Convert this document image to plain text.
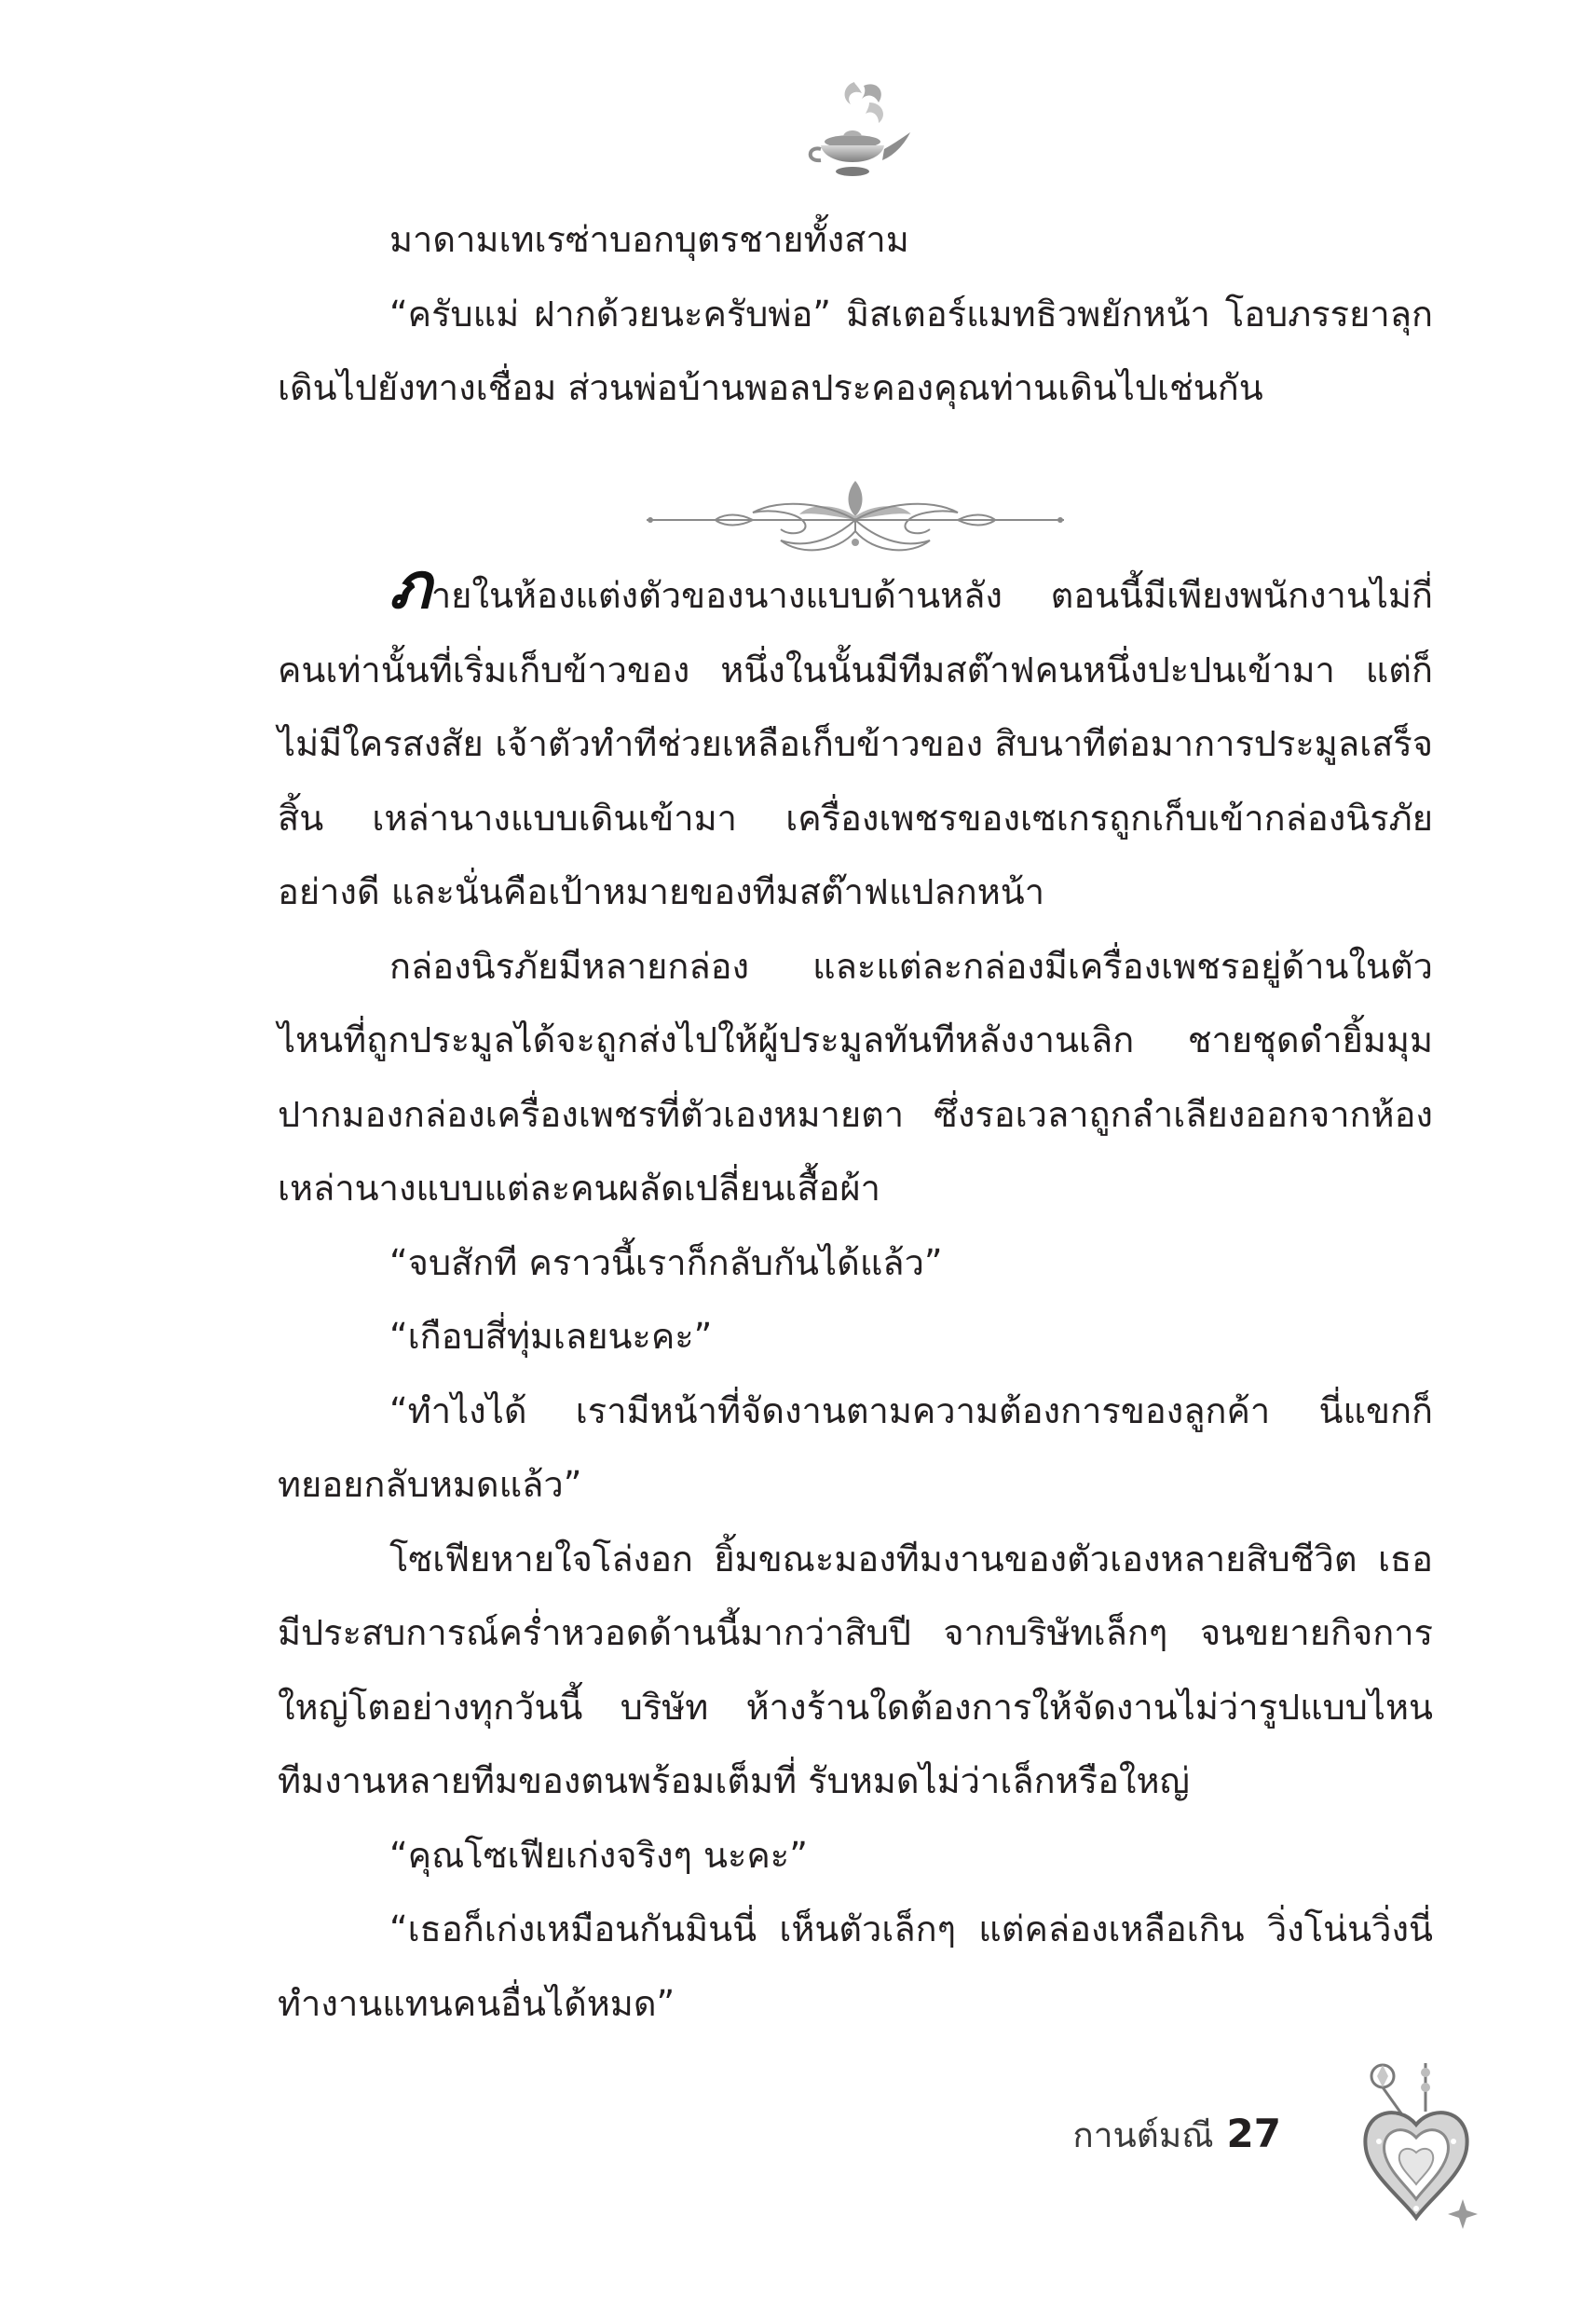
มาดามเทเรซ่าบอกบุตรชายทั้งสาม

“ครับแม่ ฝากด้วยนะครับพ่อ” มิสเตอร์แมทธิวพยักหน้า โอบภรรยาลุกเดินไปยังทางเชื่อม ส่วนพ่อบ้านพอลประคองคุณท่านเดินไปเช่นกัน

ภายในห้องแต่งตัวของนางแบบด้านหลัง ตอนนี้มีเพียงพนักงานไม่กี่คนเท่านั้นที่เริ่มเก็บข้าวของ หนึ่งในนั้นมีทีมสต๊าฟคนหนึ่งปะปนเข้ามา แต่ก็ไม่มีใครสงสัย เจ้าตัวทำทีช่วยเหลือเก็บข้าวของ สิบนาทีต่อมาการประมูลเสร็จสิ้น เหล่านางแบบเดินเข้ามา เครื่องเพชรของเซเกรถูกเก็บเข้ากล่องนิรภัยอย่างดี และนั่นคือเป้าหมายของทีมสต๊าฟแปลกหน้า

กล่องนิรภัยมีหลายกล่อง และแต่ละกล่องมีเครื่องเพชรอยู่ด้านในตัวไหนที่ถูกประมูลได้จะถูกส่งไปให้ผู้ประมูลทันทีหลังงานเลิก ชายชุดดำยิ้มมุมปากมองกล่องเครื่องเพชรที่ตัวเองหมายตา ซึ่งรอเวลาถูกลำเลียงออกจากห้อง เหล่านางแบบแต่ละคนผลัดเปลี่ยนเสื้อผ้า

“จบสักที คราวนี้เราก็กลับกันได้แล้ว”

“เกือบสี่ทุ่มเลยนะคะ”

“ทำไงได้ เรามีหน้าที่จัดงานตามความต้องการของลูกค้า นี่แขกก็ทยอยกลับหมดแล้ว”

โซเฟียหายใจโล่งอก ยิ้มขณะมองทีมงานของตัวเองหลายสิบชีวิต เธอมีประสบการณ์คร่ำหวอดด้านนี้มากว่าสิบปี จากบริษัทเล็กๆ จนขยายกิจการใหญ่โตอย่างทุกวันนี้ บริษัท ห้างร้านใดต้องการให้จัดงานไม่ว่ารูปแบบไหน ทีมงานหลายทีมของตนพร้อมเต็มที่ รับหมดไม่ว่าเล็กหรือใหญ่

“คุณโซเฟียเก่งจริงๆ นะคะ”

“เธอก็เก่งเหมือนกันมินนี่ เห็นตัวเล็กๆ แต่คล่องเหลือเกิน วิ่งโน่นวิ่งนี่ทำงานแทนคนอื่นได้หมด”

กานต์มณี 27
